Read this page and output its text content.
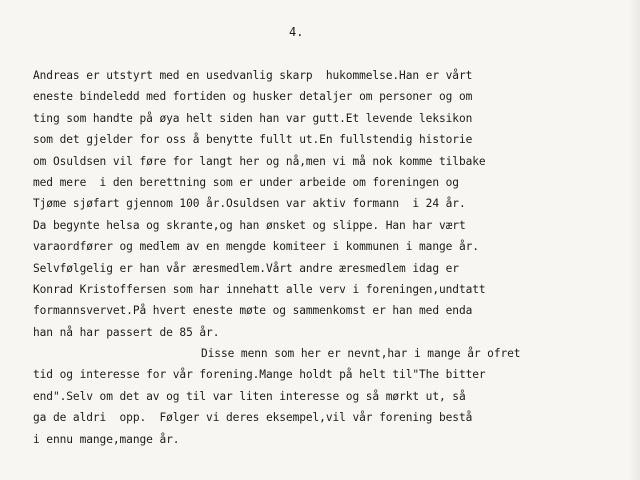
4.
Andreas er utstyrt med en usedvanlig skarp  hukommelse.Han er vårt
eneste bindeledd med fortiden og husker detaljer om personer og om
ting som handte på øya helt siden han var gutt.Et levende leksikon
som det gjelder for oss å benytte fullt ut.En fullstendig historie
om Osuldsen vil føre for langt her og nå,men vi må nok komme tilbake
med mere  i den berettning som er under arbeide om foreningen og
Tjøme sjøfart gjennom 100 år.Osuldsen var aktiv formann  i 24 år.
Da begynte helsa og skrante,og han ønsket og slippe. Han har vært
varaordfører og medlem av en mengde komiteer i kommunen i mange år.
Selvfølgelig er han vår æresmedlem.Vårt andre æresmedlem idag er
Konrad Kristoffersen som har innehatt alle verv i foreningen,undtatt
formannsvervet.På hvert eneste møte og sammenkomst er han med enda
han nå har passert de 85 år.
Disse menn som her er nevnt,har i mange år ofret
tid og interesse for vår forening.Mange holdt på helt til"The bitter
end".Selv om det av og til var liten interesse og så mørkt ut, så
ga de aldri  opp.  Følger vi deres eksempel,vil vår forening bestå
i ennu mange,mange år.
